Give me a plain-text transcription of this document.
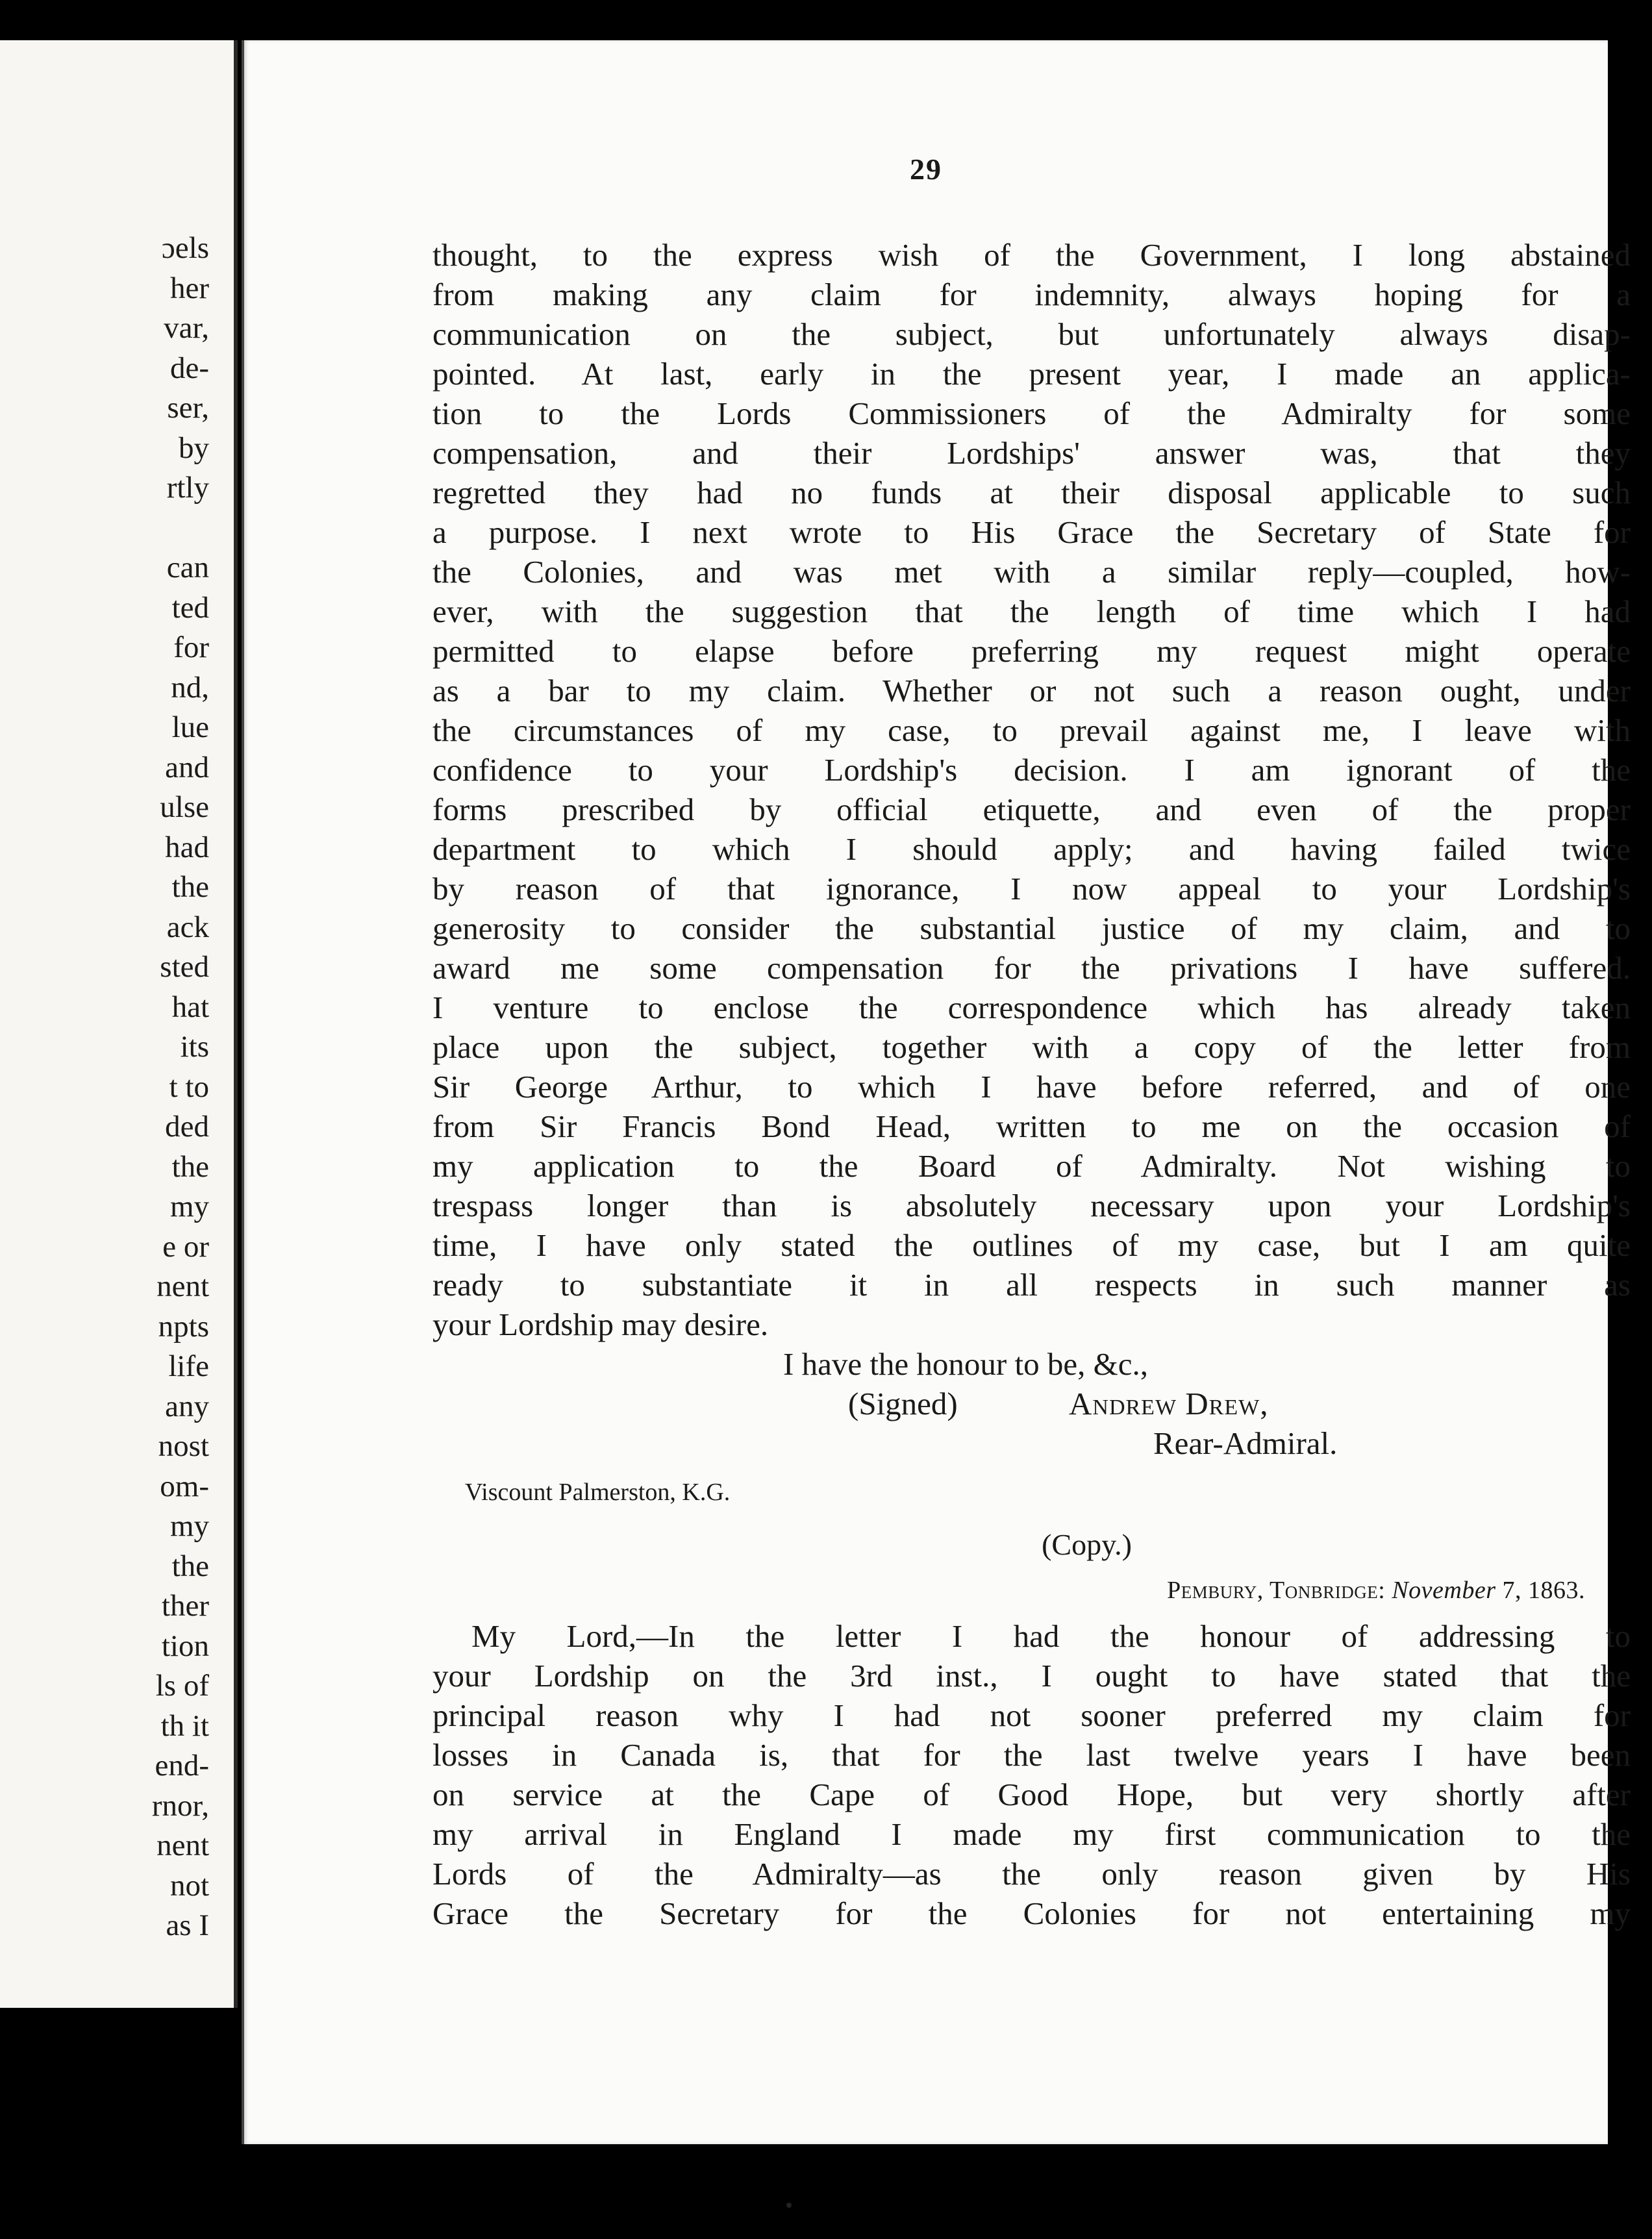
ɔels
her
var,
de-
ser,
by
rtly
can
ted
for
nd,
lue
and
ulse
had
the
ack
sted
hat
its
t to
ded
the
my
e or
nent
npts
life
any
nost
om-
my
the
ther
tion
ls of
th it
end-
rnor,
nent
not
as I
29
thought, to the express wish of the Government, I long abstained
from making any claim for indemnity, always hoping for a
communication on the subject, but unfortunately always disap-
pointed. At last, early in the present year, I made an applica-
tion to the Lords Commissioners of the Admiralty for some
compensation, and their Lordships' answer was, that they
regretted they had no funds at their disposal applicable to such
a purpose. I next wrote to His Grace the Secretary of State for
the Colonies, and was met with a similar reply—coupled, how-
ever, with the suggestion that the length of time which I had
permitted to elapse before preferring my request might operate
as a bar to my claim. Whether or not such a reason ought, under
the circumstances of my case, to prevail against me, I leave with
confidence to your Lordship's decision. I am ignorant of the
forms prescribed by official etiquette, and even of the proper
department to which I should apply; and having failed twice
by reason of that ignorance, I now appeal to your Lordship's
generosity to consider the substantial justice of my claim, and to
award me some compensation for the privations I have suffered.
I venture to enclose the correspondence which has already taken
place upon the subject, together with a copy of the letter from
Sir George Arthur, to which I have before referred, and of one
from Sir Francis Bond Head, written to me on the occasion of
my application to the Board of Admiralty. Not wishing to
trespass longer than is absolutely necessary upon your Lordship's
time, I have only stated the outlines of my case, but I am quite
ready to substantiate it in all respects in such manner as
your Lordship may desire.
I have the honour to be, &c.,
(Signed)	Andrew Drew,
Rear-Admiral.
Viscount Palmerston, K.G.
(Copy.)
Pembury, Tonbridge: November 7, 1863.
My Lord,—In the letter I had the honour of addressing to
your Lordship on the 3rd inst., I ought to have stated that the
principal reason why I had not sooner preferred my claim for
losses in Canada is, that for the last twelve years I have been
on service at the Cape of Good Hope, but very shortly after
my arrival in England I made my first communication to the
Lords of the Admiralty—as the only reason given by His
Grace the Secretary for the Colonies for not entertaining my
